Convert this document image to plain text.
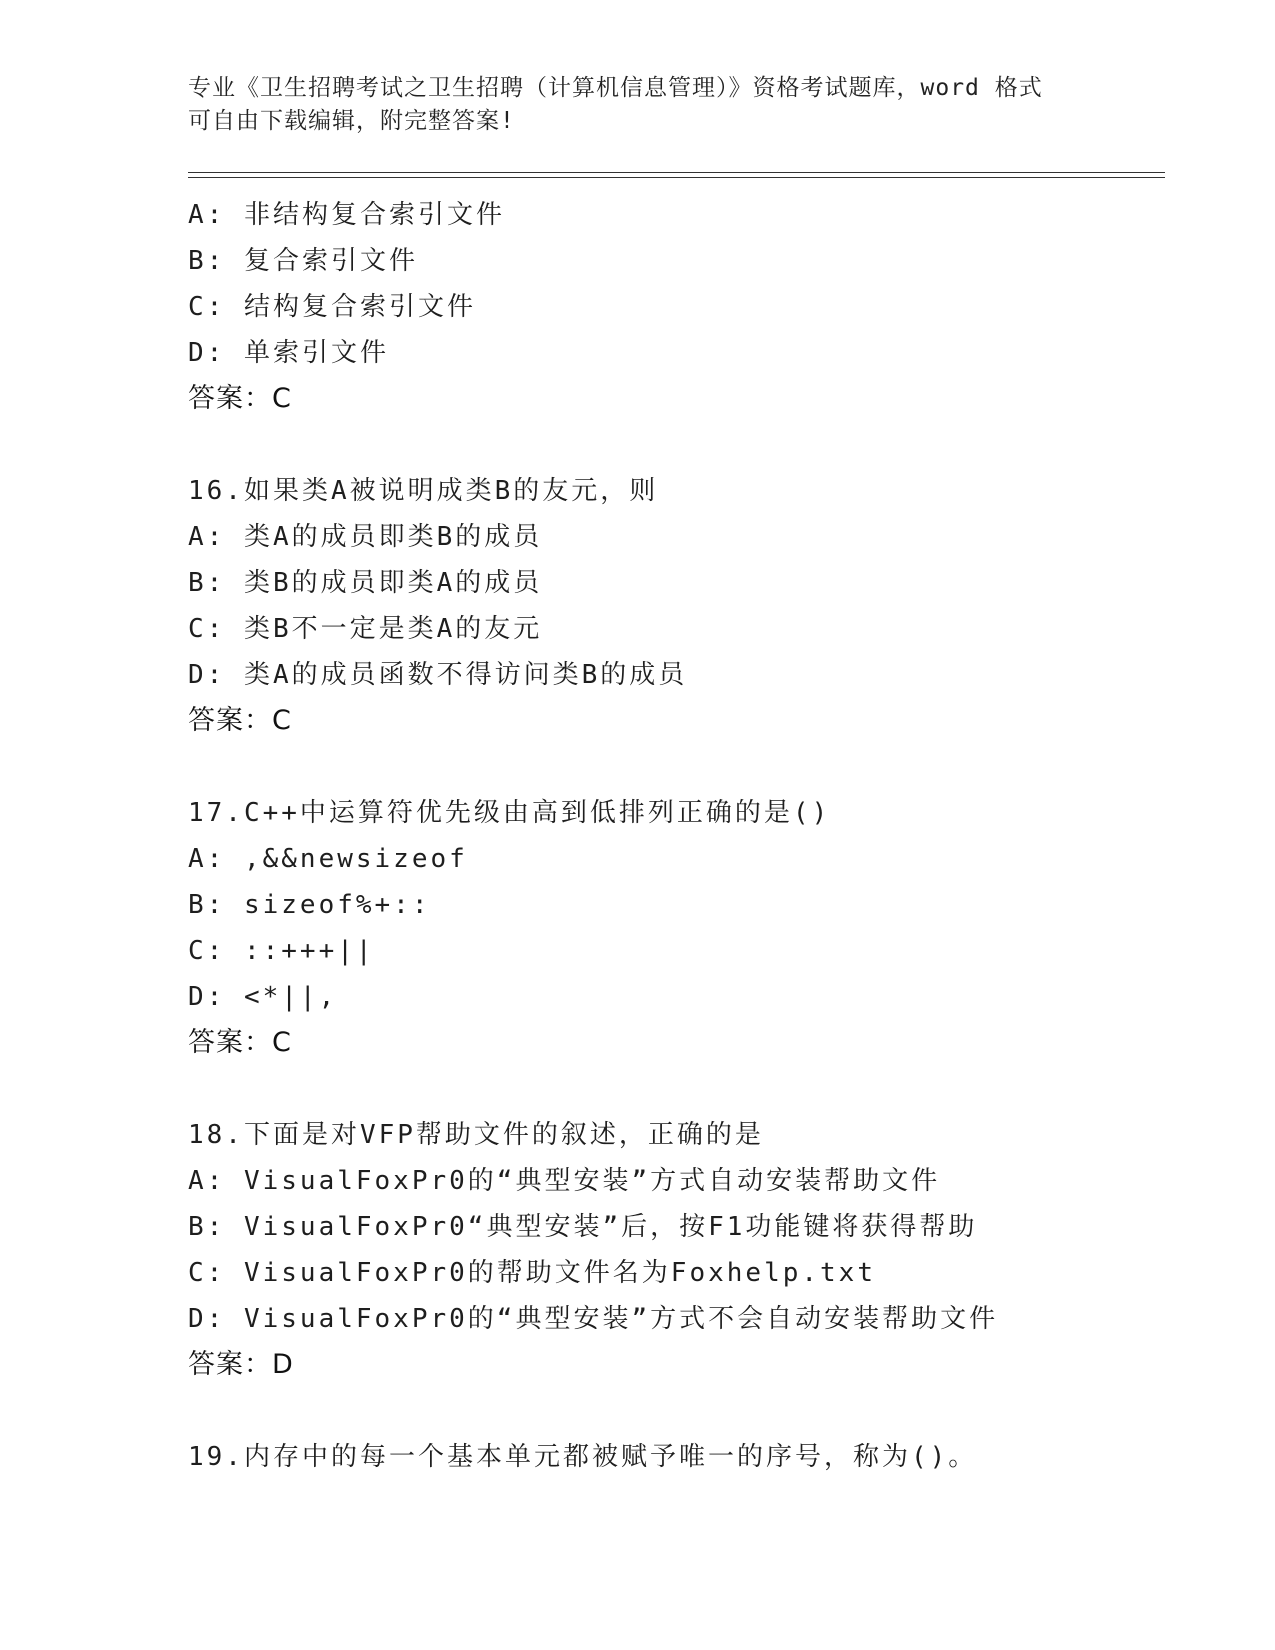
专业《卫生招聘考试之卫生招聘（计算机信息管理）》资格考试题库，word 格式
可自由下载编辑，附完整答案!
A: 非结构复合索引文件
B: 复合索引文件
C: 结构复合索引文件
D: 单索引文件
答案：C
16.如果类A被说明成类B的友元，则
A: 类A的成员即类B的成员
B: 类B的成员即类A的成员
C: 类B不一定是类A的友元
D: 类A的成员函数不得访问类B的成员
答案：C
17.C++中运算符优先级由高到低排列正确的是()
A: ,&&newsizeof
B: sizeof%+::
C: ::+++||
D: <*||,
答案：C
18.下面是对VFP帮助文件的叙述，正确的是
A: VisualFoxPr0的“典型安装”方式自动安装帮助文件
B: VisualFoxPr0“典型安装”后，按F1功能键将获得帮助
C: VisualFoxPr0的帮助文件名为Foxhelp.txt
D: VisualFoxPr0的“典型安装”方式不会自动安装帮助文件
答案：D
19.内存中的每一个基本单元都被赋予唯一的序号，称为()。
